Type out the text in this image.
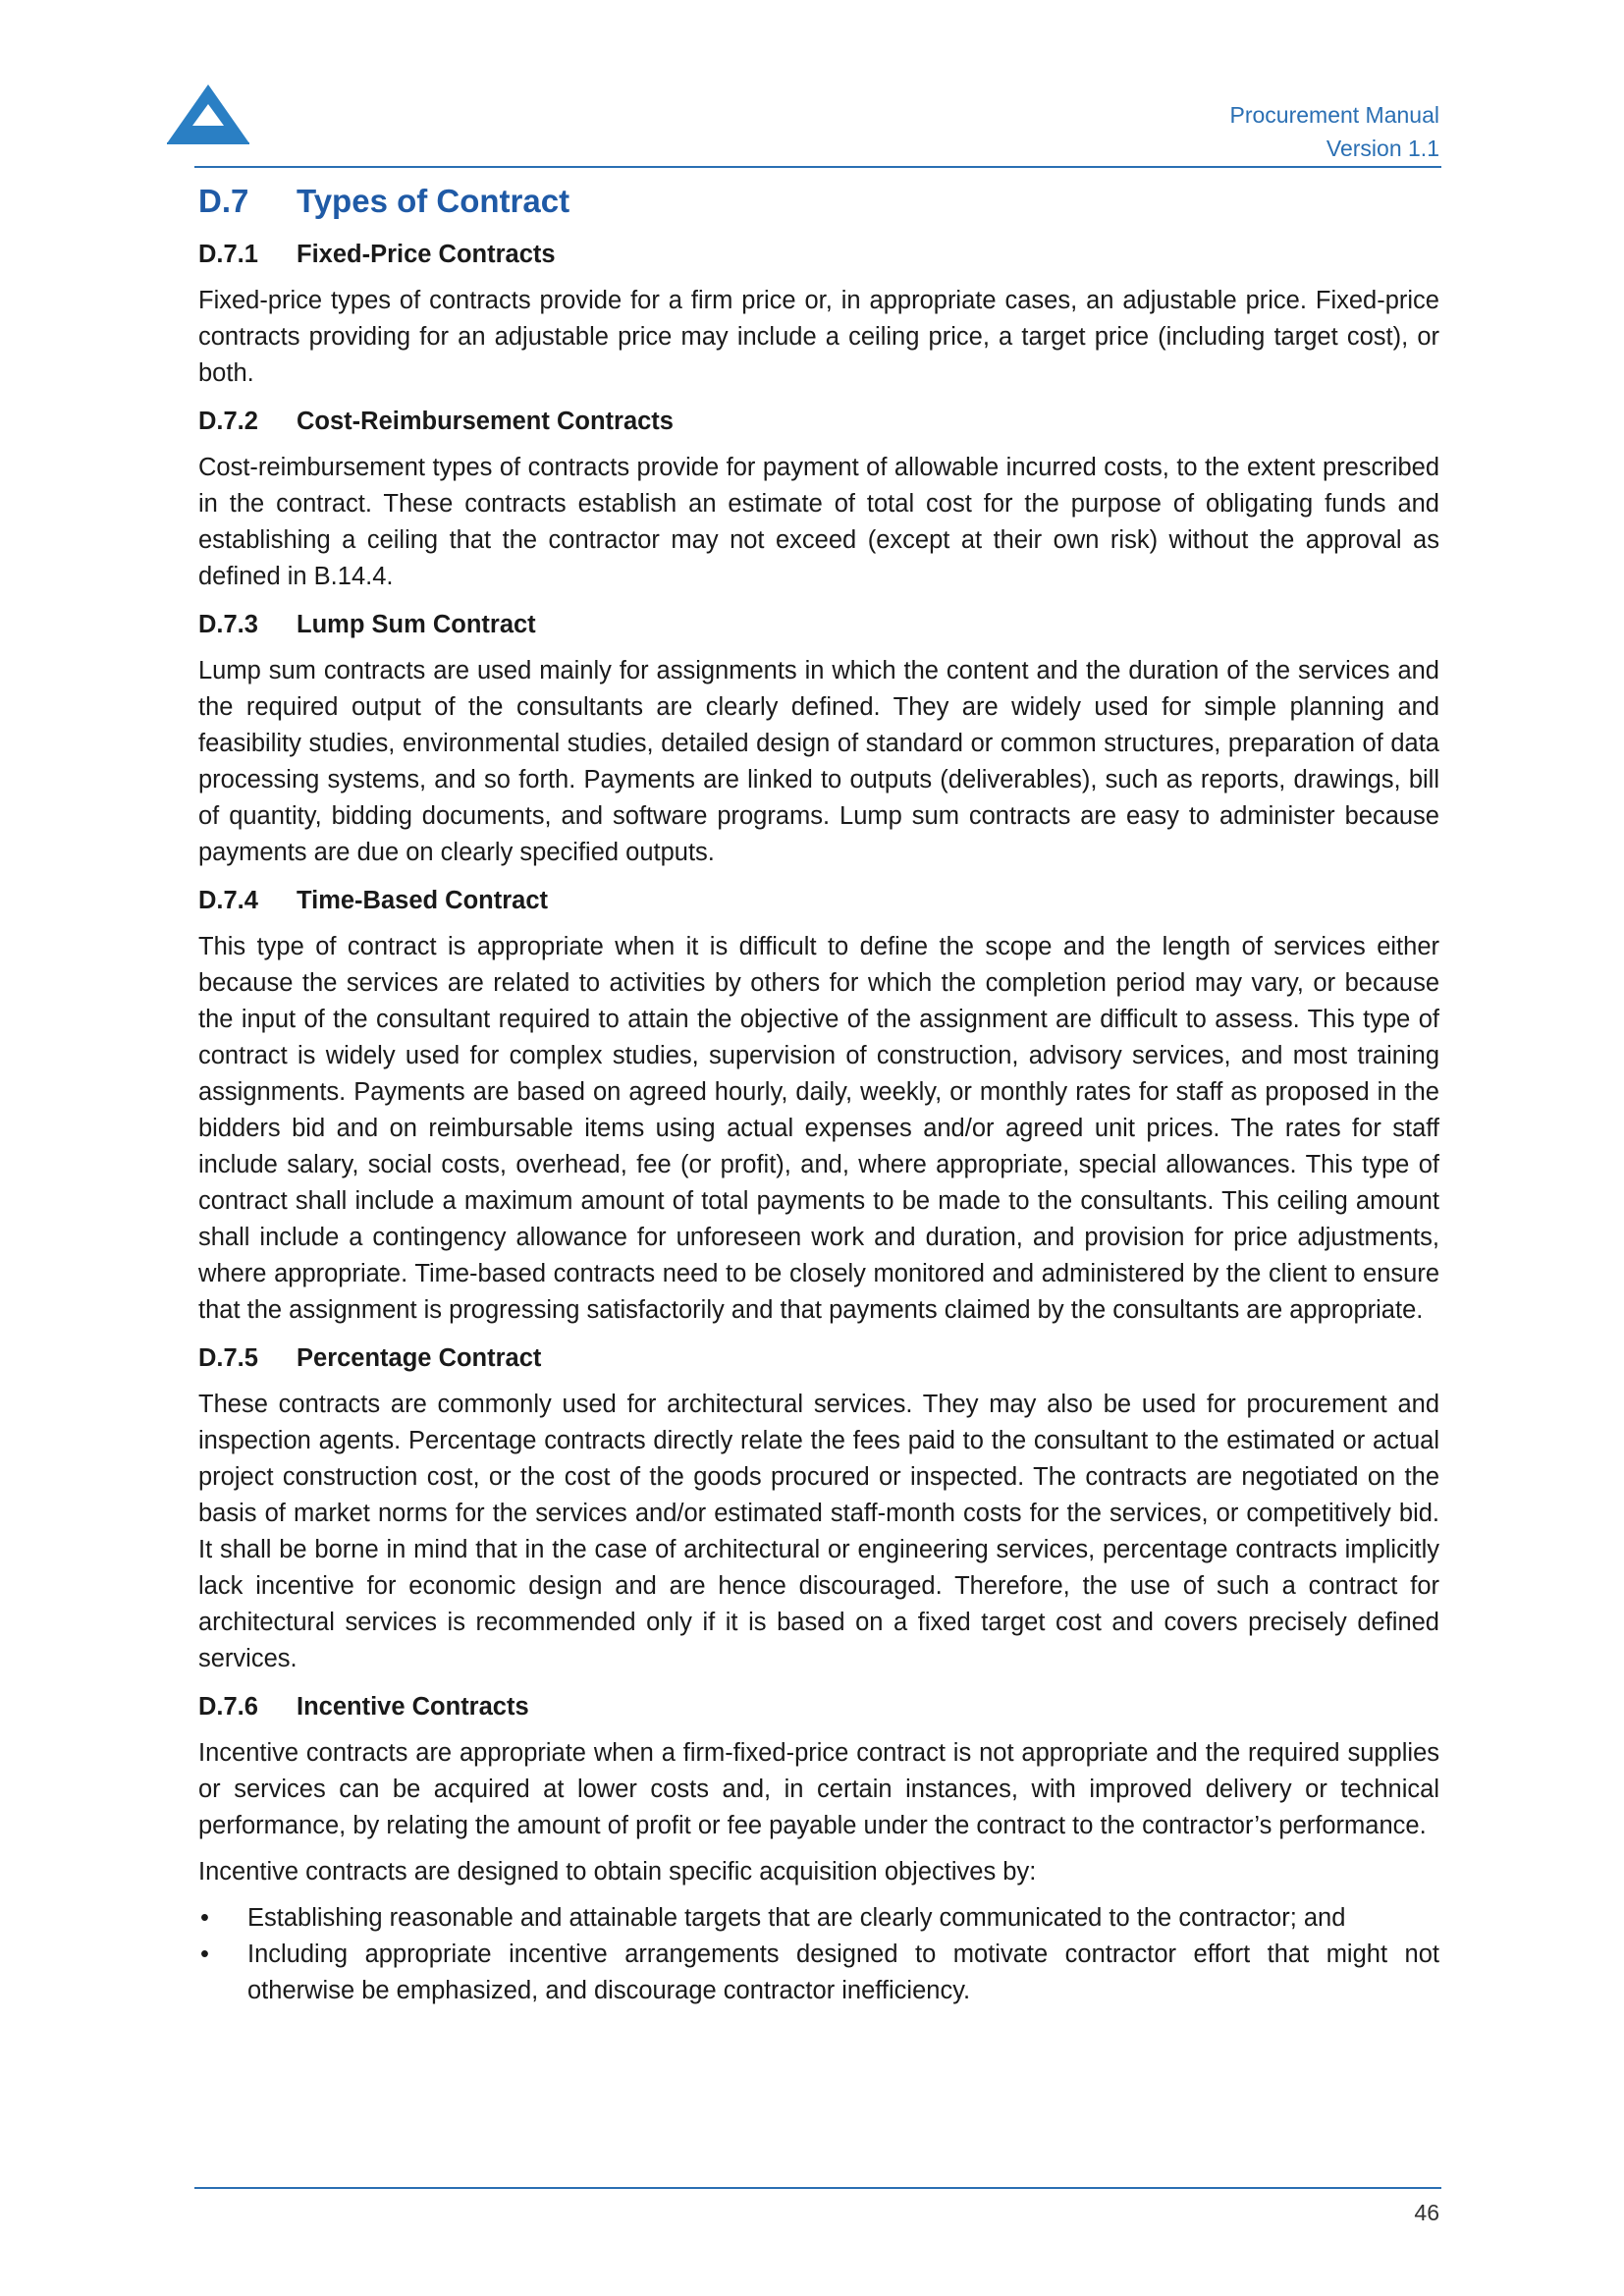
Procurement Manual
Version 1.1
D.7 Types of Contract
D.7.1 Fixed-Price Contracts

Fixed-price types of contracts provide for a firm price or, in appropriate cases, an adjustable price. Fixed-price contracts providing for an adjustable price may include a ceiling price, a target price (including target cost), or both.

D.7.2 Cost-Reimbursement Contracts

Cost-reimbursement types of contracts provide for payment of allowable incurred costs, to the extent prescribed in the contract. These contracts establish an estimate of total cost for the purpose of obligating funds and establishing a ceiling that the contractor may not exceed (except at their own risk) without the approval as defined in B.14.4.

D.7.3 Lump Sum Contract

Lump sum contracts are used mainly for assignments in which the content and the duration of the services and the required output of the consultants are clearly defined. They are widely used for simple planning and feasibility studies, environmental studies, detailed design of standard or common structures, preparation of data processing systems, and so forth. Payments are linked to outputs (deliverables), such as reports, drawings, bill of quantity, bidding documents, and software programs. Lump sum contracts are easy to administer because payments are due on clearly specified outputs.

D.7.4 Time-Based Contract

This type of contract is appropriate when it is difficult to define the scope and the length of services either because the services are related to activities by others for which the completion period may vary, or because the input of the consultant required to attain the objective of the assignment are difficult to assess. This type of contract is widely used for complex studies, supervision of construction, advisory services, and most training assignments. Payments are based on agreed hourly, daily, weekly, or monthly rates for staff as proposed in the bidders bid and on reimbursable items using actual expenses and/or agreed unit prices. The rates for staff include salary, social costs, overhead, fee (or profit), and, where appropriate, special allowances. This type of contract shall include a maximum amount of total payments to be made to the consultants. This ceiling amount shall include a contingency allowance for unforeseen work and duration, and provision for price adjustments, where appropriate. Time-based contracts need to be closely monitored and administered by the client to ensure that the assignment is progressing satisfactorily and that payments claimed by the consultants are appropriate.

D.7.5 Percentage Contract

These contracts are commonly used for architectural services. They may also be used for procurement and inspection agents. Percentage contracts directly relate the fees paid to the consultant to the estimated or actual project construction cost, or the cost of the goods procured or inspected. The contracts are negotiated on the basis of market norms for the services and/or estimated staff-month costs for the services, or competitively bid. It shall be borne in mind that in the case of architectural or engineering services, percentage contracts implicitly lack incentive for economic design and are hence discouraged. Therefore, the use of such a contract for architectural services is recommended only if it is based on a fixed target cost and covers precisely defined services.

D.7.6 Incentive Contracts

Incentive contracts are appropriate when a firm-fixed-price contract is not appropriate and the required supplies or services can be acquired at lower costs and, in certain instances, with improved delivery or technical performance, by relating the amount of profit or fee payable under the contract to the contractor’s performance.

Incentive contracts are designed to obtain specific acquisition objectives by:

• Establishing reasonable and attainable targets that are clearly communicated to the contractor; and
• Including appropriate incentive arrangements designed to motivate contractor effort that might not otherwise be emphasized, and discourage contractor inefficiency.
46
